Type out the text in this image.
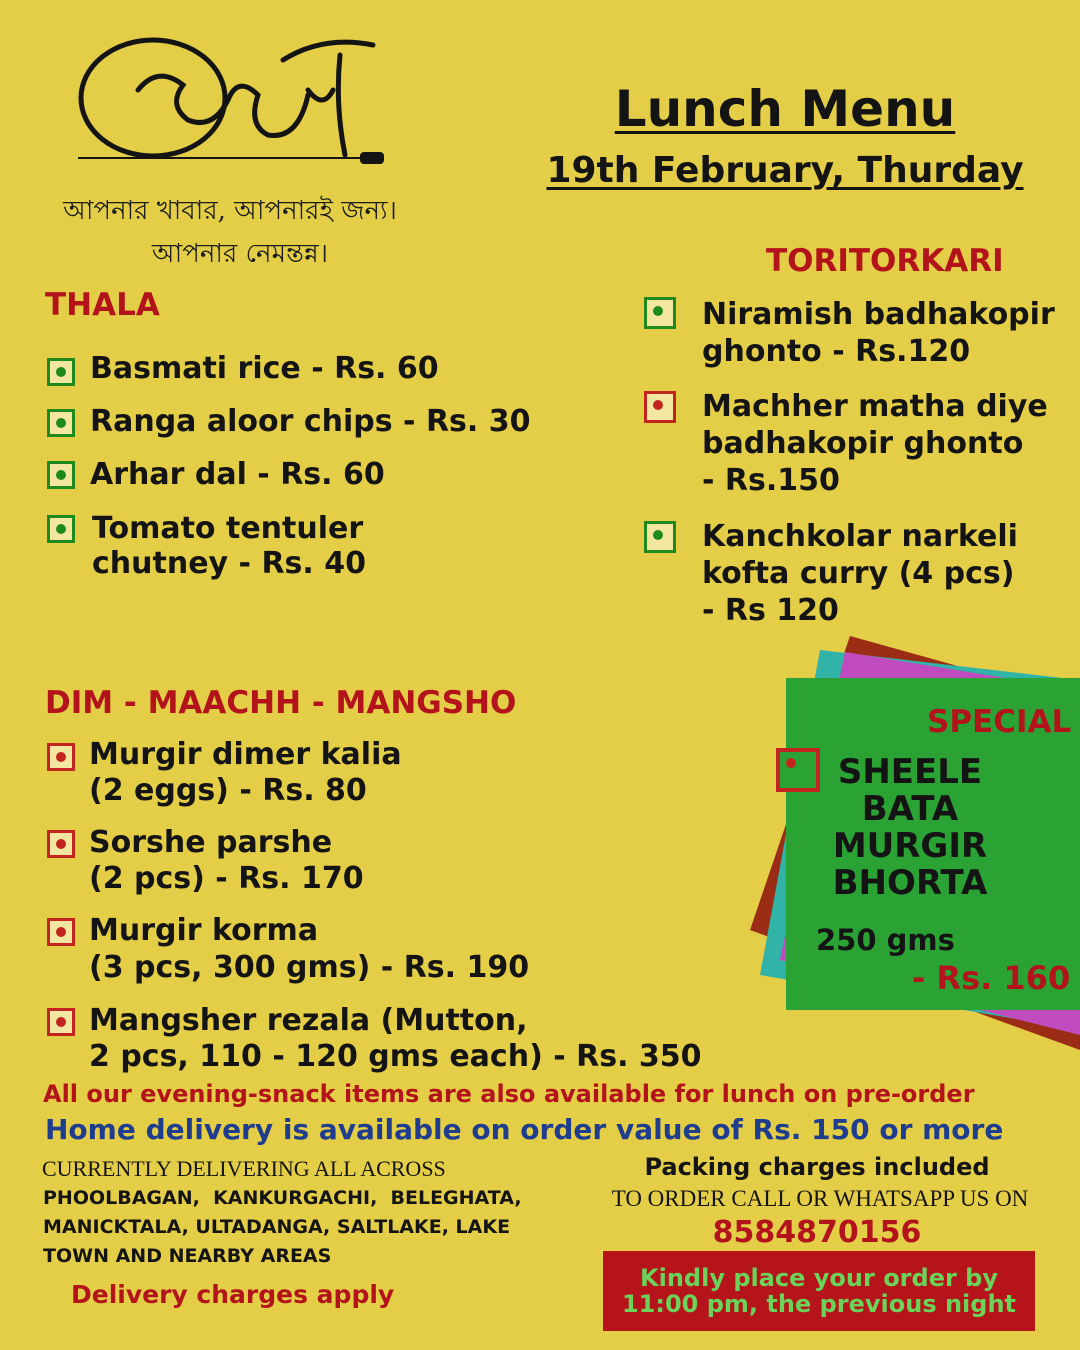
আপনার খাবার, আপনারই জন্য।
আপনার নেমন্তন্ন।
Lunch Menu
19th February, Thurday
THALA
Basmati rice - Rs. 60
Ranga aloor chips - Rs. 30
Arhar dal - Rs. 60
Tomato tentuler
chutney - Rs. 40
TORITORKARI
Niramish badhakopir
ghonto - Rs.120
Machher matha diye
badhakopir ghonto
- Rs.150
Kanchkolar narkeli
kofta curry (4 pcs)
- Rs 120
SPECIAL
SHEELE
BATA
MURGIR
BHORTA
250 gms
- Rs. 160
DIM - MAACHH - MANGSHO
Murgir dimer kalia
(2 eggs) - Rs. 80
Sorshe parshe
(2 pcs) - Rs. 170
Murgir korma
(3 pcs, 300 gms) - Rs. 190
Mangsher rezala (Mutton,
2 pcs, 110 - 120 gms each) - Rs. 350
All our evening-snack items are also available for lunch on pre-order
Home delivery is available on order value of Rs. 150 or more
CURRENTLY DELIVERING ALL ACROSS
PHOOLBAGAN,  KANKURGACHI,  BELEGHATA,
MANICKTALA, ULTADANGA, SALTLAKE, LAKE
TOWN AND NEARBY AREAS
Delivery charges apply
Packing charges included
TO ORDER CALL OR WHATSAPP US ON
8584870156
Kindly place your order by
11:00 pm, the previous night
